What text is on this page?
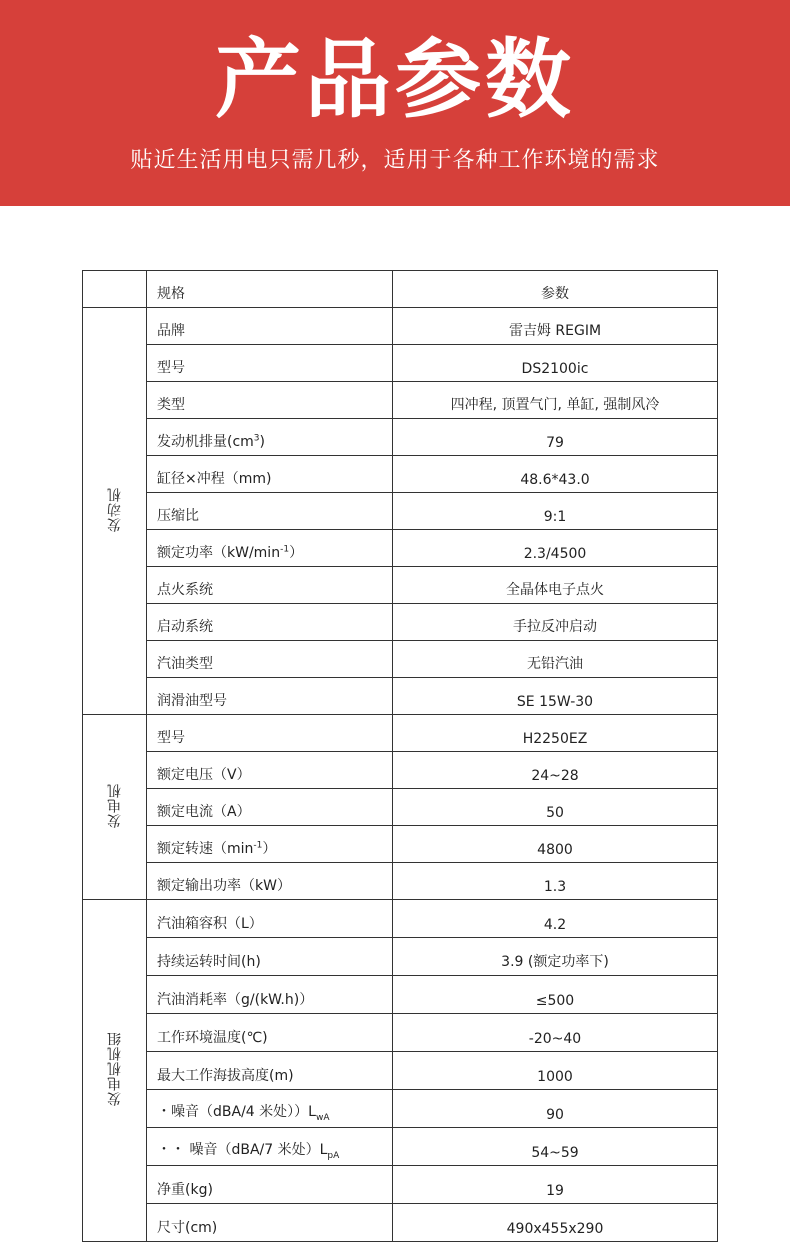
产品参数
贴近生活用电只需几秒，适用于各种工作环境的需求
	规格	参数
发动机	品牌	雷吉姆 REGIM
	型号	DS2100ic
	类型	四冲程, 顶置气门, 单缸, 强制风冷
	发动机排量$(cm^3)$	79
	缸径×冲程（mm)	48.6*43.0
	压缩比	9:1
	额定功率$(kW/\min^{-1})$	2.3/4500
	点火系统	全晶体电子点火
	启动系统	手拉反冲启动
	汽油类型	无铅汽油
	润滑油型号	SE 15W-30
发电机	型号	H2250EZ
	额定电压（V）	24~28
	额定电流（A）	50
	额定转速$(\min^{-1})$	4800
	额定输出功率（kW）	1.3
发电机机组	汽油箱容积（L）	4.2
	持续运转时间(h)	3.9 (额定功率下)
	汽油消耗率（g/(kW.h)）	≤500
	工作环境温度(℃)	-20~40
	最大工作海拔高度(m)	1000
	・噪音（dBA/4 米处））$L_{wA}$	90
	・・ 噪音（dBA/7 米处）$L_{pA}$	54~59
	净重(kg)	19
	尺寸(cm)	490x455x290
